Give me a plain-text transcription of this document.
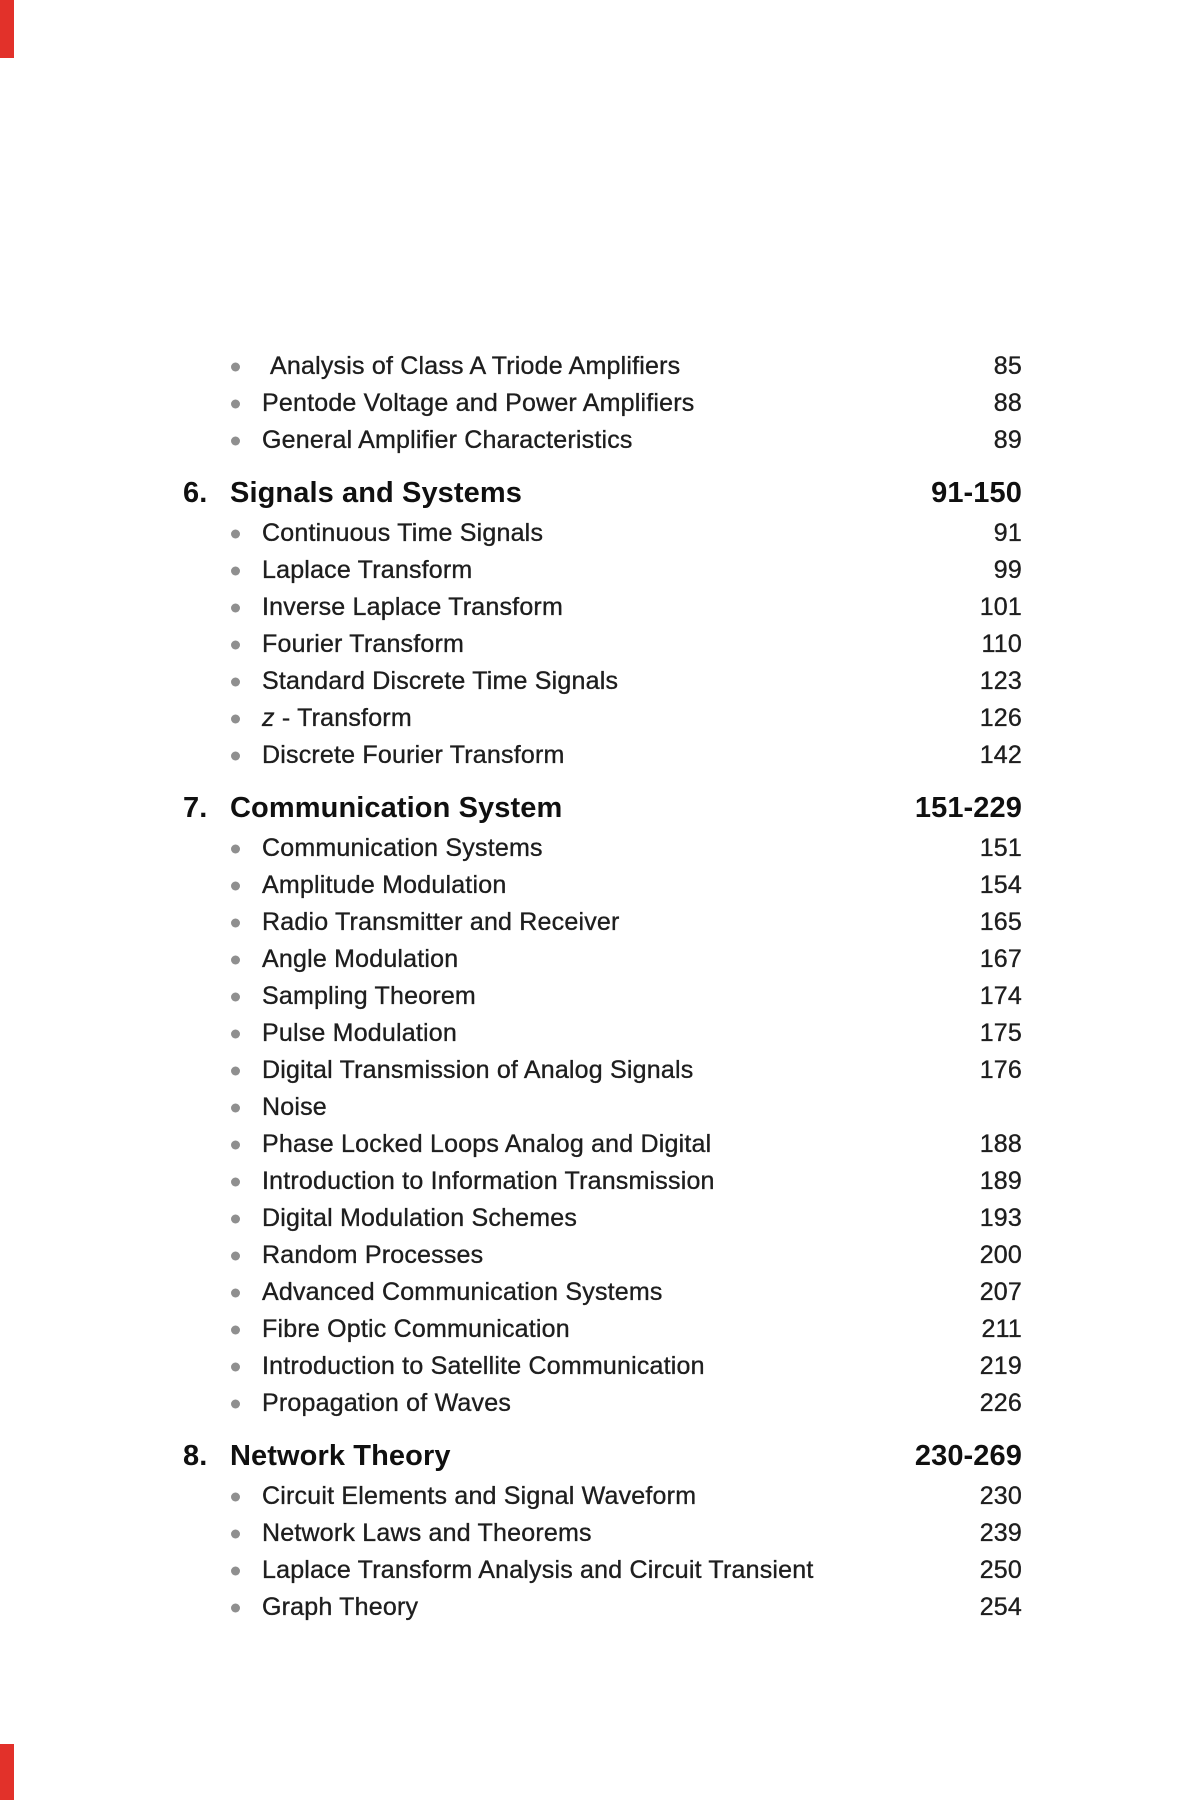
Analysis of Class A Triode Amplifiers	85
Pentode Voltage and Power Amplifiers	88
General Amplifier Characteristics	89
6. Signals and Systems	91-150
Continuous Time Signals	91
Laplace Transform	99
Inverse Laplace Transform	101
Fourier Transform	110
Standard Discrete Time Signals	123
z - Transform	126
Discrete Fourier Transform	142
7. Communication System	151-229
Communication Systems	151
Amplitude Modulation	154
Radio Transmitter and Receiver	165
Angle Modulation	167
Sampling Theorem	174
Pulse Modulation	175
Digital Transmission of Analog Signals	176
Noise
Phase Locked Loops Analog and Digital	188
Introduction to Information Transmission	189
Digital Modulation Schemes	193
Random Processes	200
Advanced Communication Systems	207
Fibre Optic Communication	211
Introduction to Satellite Communication	219
Propagation of Waves	226
8. Network Theory	230-269
Circuit Elements and Signal Waveform	230
Network Laws and Theorems	239
Laplace Transform Analysis and Circuit Transient	250
Graph Theory	254
